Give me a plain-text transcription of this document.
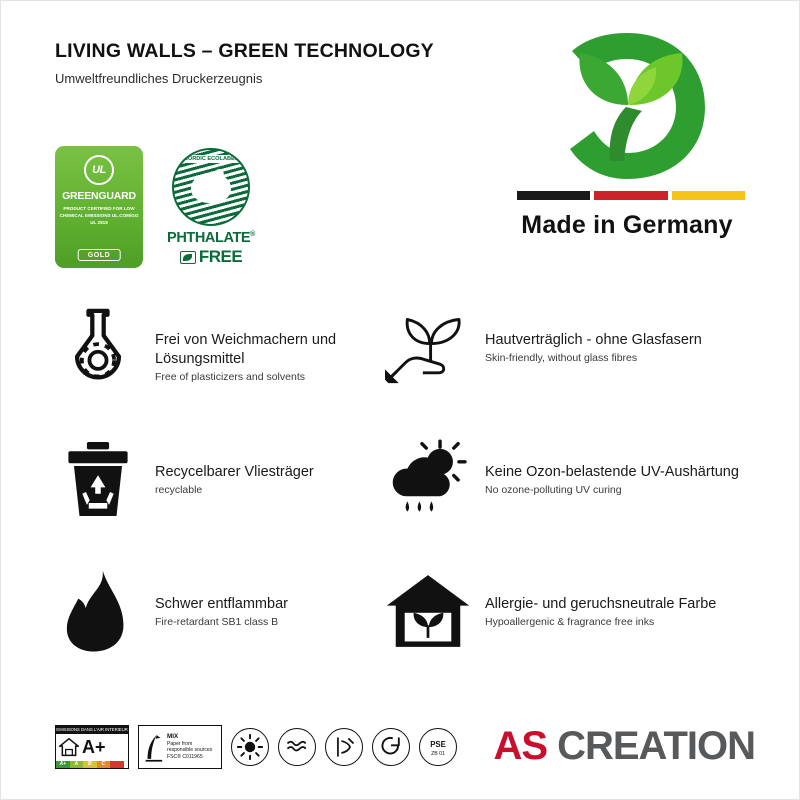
LIVING WALLS – GREEN TECHNOLOGY
Umweltfreundliches Druckerzeugnis
UL
GREENGUARD
PRODUCT CERTIFIED FOR LOW CHEMICAL EMISSIONS UL.COM/GG UL 2818
GOLD
NORDIC ECOLABEL
PHTHALATE®
FREE
Made in Germany
Frei von Weichmachern und Lösungsmittel
Free of plasticizers and solvents
Hautverträglich - ohne Glasfasern
Skin-friendly, without glass fibres
Recycelbarer Vliesträger
recyclable
Keine Ozon-belastende UV-Aushärtung
No ozone-polluting UV curing
Schwer entflammbar
Fire-retardant SB1 class B
Allergie- und geruchsneutrale Farbe
Hypoallergenic & fragrance free inks
EMISSIONS DANS L'AIR INTERIEUR
A+
A+	A	B	C
MIX
Paper from
responsible sources
FSC® C011965
PSE
ZB 01 AS CREATION
